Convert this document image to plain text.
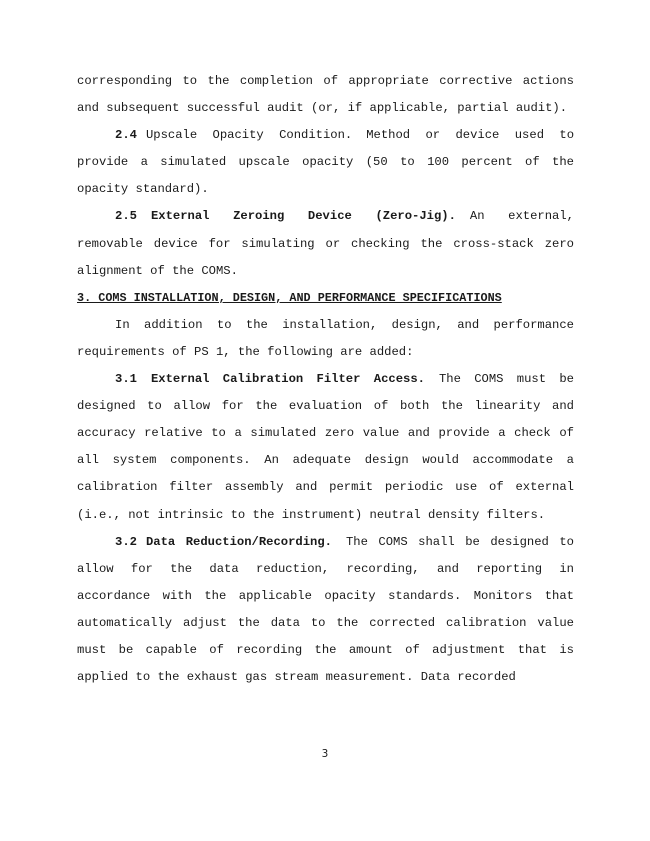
corresponding to the completion of appropriate corrective actions and subsequent successful audit (or, if applicable, partial audit).

2.4 Upscale Opacity Condition. Method or device used to provide a simulated upscale opacity (50 to 100 percent of the opacity standard).

2.5 External Zeroing Device (Zero-Jig). An external, removable device for simulating or checking the cross-stack zero alignment of the COMS.

3. COMS INSTALLATION, DESIGN, AND PERFORMANCE SPECIFICATIONS

In addition to the installation, design, and performance requirements of PS 1, the following are added:

3.1 External Calibration Filter Access. The COMS must be designed to allow for the evaluation of both the linearity and accuracy relative to a simulated zero value and provide a check of all system components. An adequate design would accommodate a calibration filter assembly and permit periodic use of external (i.e., not intrinsic to the instrument) neutral density filters.

3.2 Data Reduction/Recording. The COMS shall be designed to allow for the data reduction, recording, and reporting in accordance with the applicable opacity standards. Monitors that automatically adjust the data to the corrected calibration value must be capable of recording the amount of adjustment that is applied to the exhaust gas stream measurement. Data recorded

3
